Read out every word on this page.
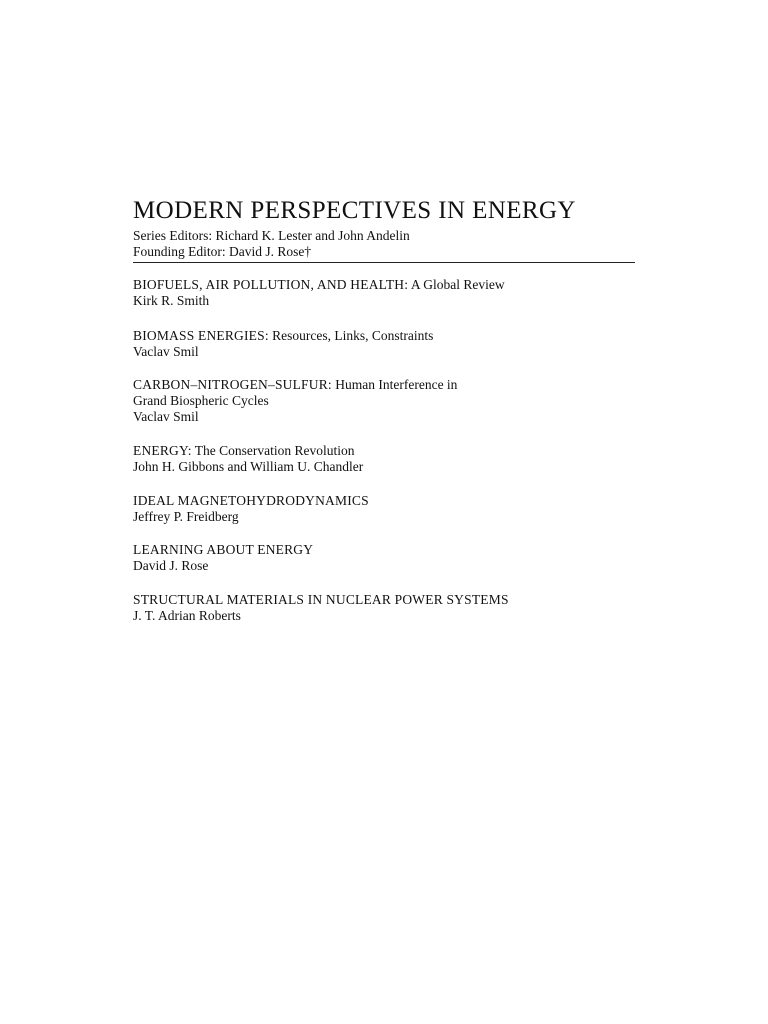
MODERN PERSPECTIVES IN ENERGY
Series Editors: Richard K. Lester and John Andelin
Founding Editor: David J. Rose†
BIOFUELS, AIR POLLUTION, AND HEALTH: A Global Review
Kirk R. Smith
BIOMASS ENERGIES: Resources, Links, Constraints
Vaclav Smil
CARBON–NITROGEN–SULFUR: Human Interference in
Grand Biospheric Cycles
Vaclav Smil
ENERGY: The Conservation Revolution
John H. Gibbons and William U. Chandler
IDEAL MAGNETOHYDRODYNAMICS
Jeffrey P. Freidberg
LEARNING ABOUT ENERGY
David J. Rose
STRUCTURAL MATERIALS IN NUCLEAR POWER SYSTEMS
J. T. Adrian Roberts
